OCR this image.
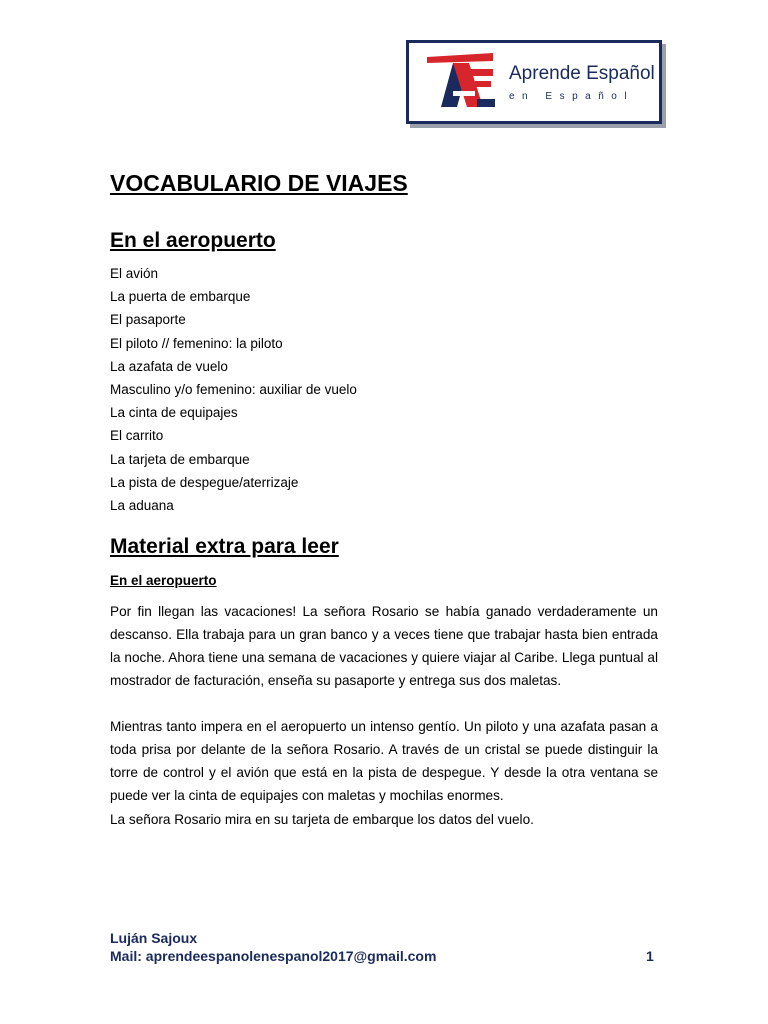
Aprende Español
en Español
VOCABULARIO DE VIAJES
En el aeropuerto
El avión
La puerta de embarque
El pasaporte
El piloto // femenino: la piloto
La azafata de vuelo
Masculino y/o femenino: auxiliar de vuelo
La cinta de equipajes
El carrito
La tarjeta de embarque
La pista de despegue/aterrizaje
La aduana
Material extra para leer
En el aeropuerto

Por fin llegan las vacaciones! La señora Rosario se había ganado verdaderamente un descanso. Ella trabaja para un gran banco y a veces tiene que trabajar hasta bien entrada la noche. Ahora tiene una semana de vacaciones y quiere viajar al Caribe. Llega puntual al mostrador de facturación, enseña su pasaporte y entrega sus dos maletas.

Mientras tanto impera en el aeropuerto un intenso gentío. Un piloto y una azafata pasan a toda prisa por delante de la señora Rosario. A través de un cristal se puede distinguir la torre de control y el avión que está en la pista de despegue. Y desde la otra ventana se puede ver la cinta de equipajes con maletas y mochilas enormes.

La señora Rosario mira en su tarjeta de embarque los datos del vuelo.

Luján Sajoux
Mail: aprendeespanolenespanol2017@gmail.com	1
